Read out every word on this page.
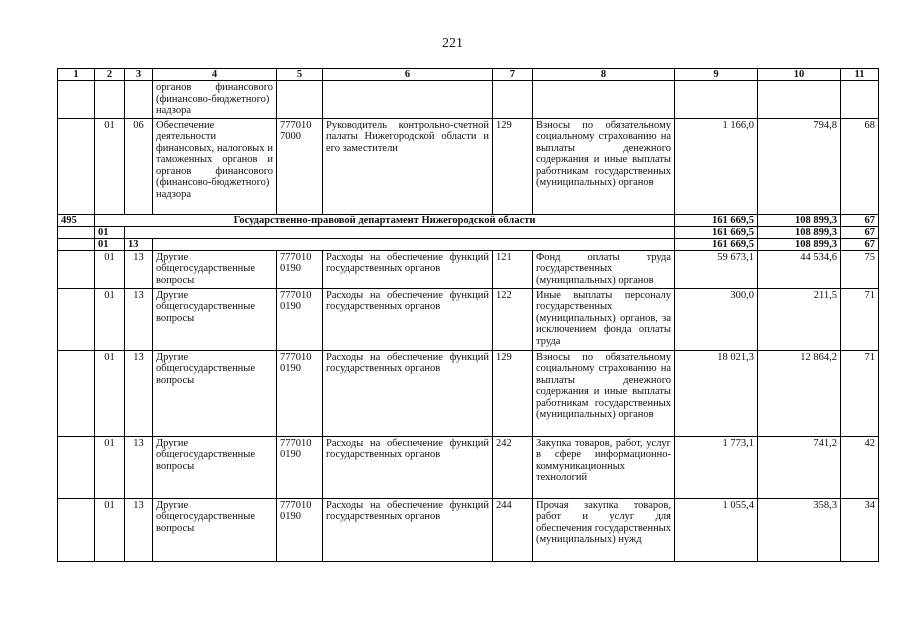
221
1	2	3	4	5	6	7	8	9	10	11
			органов финансового (финансово-бюджетного) надзора							
	01	06	Обеспечение деятельности финансовых, налоговых и таможенных органов и органов финансового (финансово-бюджетного) надзора	777010 7000	Руководитель контрольно-счетной палаты Нижегородской области и его заместители	129	Взносы по обязательному социальному страхованию на выплаты денежного содержания и иные выплаты работникам государственных (муниципальных) органов	1 166,0	794,8	68
495	Государственно-правовой департамент Нижегородской области							161 669,5	108 899,3	67
	01							161 669,5	108 899,3	67
	01	13						161 669,5	108 899,3	67
	01	13	Другие общегосударственные вопросы	777010 0190	Расходы на обеспечение функций государственных органов	121	Фонд оплаты труда государственных (муниципальных) органов	59 673,1	44 534,6	75
	01	13	Другие общегосударственные вопросы	777010 0190	Расходы на обеспечение функций государственных органов	122	Иные выплаты персоналу государственных (муниципальных) органов, за исключением фонда оплаты труда	300,0	211,5	71
	01	13	Другие общегосударственные вопросы	777010 0190	Расходы на обеспечение функций государственных органов	129	Взносы по обязательному социальному страхованию на выплаты денежного содержания и иные выплаты работникам государственных (муниципальных) органов	18 021,3	12 864,2	71
	01	13	Другие общегосударственные вопросы	777010 0190	Расходы на обеспечение функций государственных органов	242	Закупка товаров, работ, услуг в сфере информационно-коммуникационных технологий	1 773,1	741,2	42
	01	13	Другие общегосударственные вопросы	777010 0190	Расходы на обеспечение функций государственных органов	244	Прочая закупка товаров, работ и услуг для обеспечения государственных (муниципальных) нужд	1 055,4	358,3	34
